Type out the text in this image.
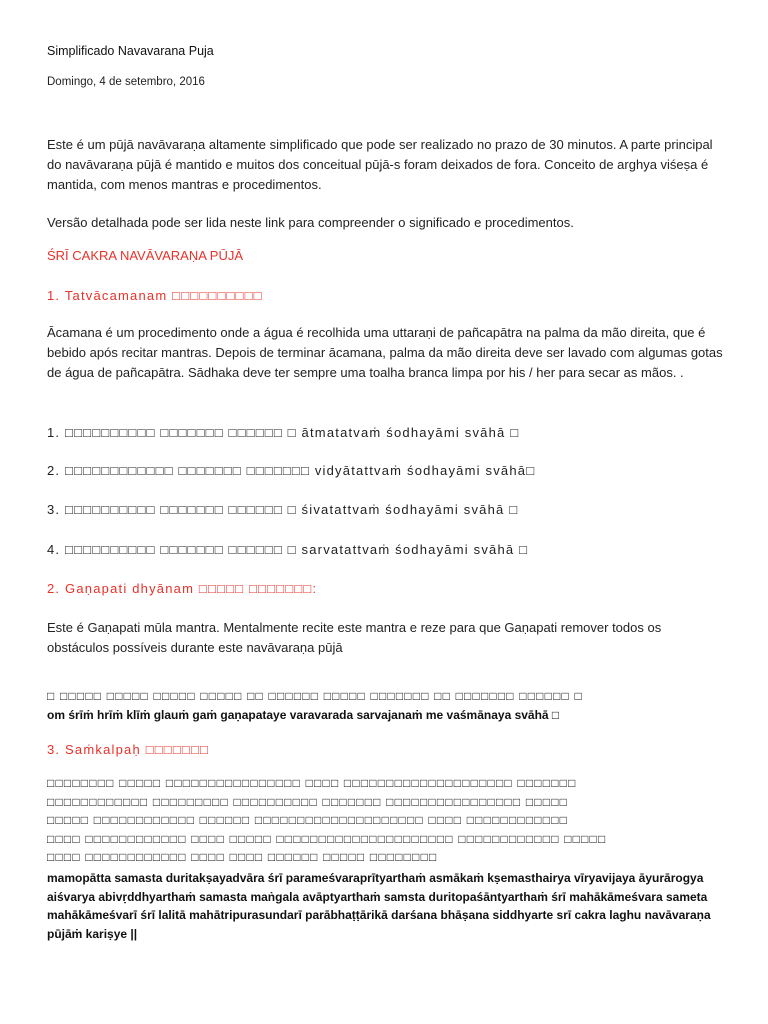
Simplificado Navavarana Puja

Domingo, 4 de setembro, 2016

Este é um pūjā navāvaraṇa altamente simplificado que pode ser realizado no prazo de 30 minutos. A parte principal do navāvaraṇa pūjā é mantido e muitos dos conceitual pūjā-s foram deixados de fora. Conceito de arghya viśeṣa é mantida, com menos mantras e procedimentos.

Versão detalhada pode ser lida neste link para compreender o significado e procedimentos.

ŚRĪ CAKRA NAVĀVARAṆA PŪJĀ

1. Tatvācamanam □□□□□□□□□□

Ācamana é um procedimento onde a água é recolhida uma uttaraṇi de pañcapātra na palma da mão direita, que é bebido após recitar mantras. Depois de terminar ācamana, palma da mão direita deve ser lavado com algumas gotas de água de pañcapātra. Sādhaka deve ter sempre uma toalha branca limpa por his / her para secar as mãos. .

1. □□□□□□□□□□ □□□□□□□ □□□□□□ □ ātmatatvaṁ śodhayāmi svāhā □

2. □□□□□□□□□□□□ □□□□□□□ □□□□□□□ vidyātattvaṁ śodhayāmi svāhā□

3. □□□□□□□□□□ □□□□□□□ □□□□□□ □ śivatattvaṁ śodhayāmi svāhā □

4. □□□□□□□□□□ □□□□□□□ □□□□□□ □ sarvatattvaṁ śodhayāmi svāhā □

2. Gaṇapati dhyānam □□□□□ □□□□□□□:

Este é Gaṇapati mūla mantra. Mentalmente recite este mantra e reze para que Gaṇapati remover todos os obstáculos possíveis durante este navāvaraṇa pūjā

□ □□□□□ □□□□□ □□□□□ □□□□□ □□ □□□□□□ □□□□□ □□□□□□□ □□ □□□□□□□ □□□□□□ □

om śrīṁ hrīṁ klīṁ glauṁ gaṁ gaṇapataye varavarada sarvajanaṁ me vaśmānaya svāhā □

3. Saṁkalpaḥ □□□□□□□

□□□□□□□□ □□□□□ □□□□□□□□□□□□□□□□ □□□□ □□□□□□□□□□□□□□□□□□□□ □□□□□□□
□□□□□□□□□□□□ □□□□□□□□□ □□□□□□□□□□ □□□□□□□ □□□□□□□□□□□□□□□□ □□□□□
□□□□□ □□□□□□□□□□□□ □□□□□□ □□□□□□□□□□□□□□□□□□□□ □□□□ □□□□□□□□□□□□
□□□□ □□□□□□□□□□□□ □□□□ □□□□□ □□□□□□□□□□□□□□□□□□□□□ □□□□□□□□□□□□ □□□□□
□□□□ □□□□□□□□□□□□ □□□□ □□□□ □□□□□□ □□□□□ □□□□□□□□

mamopātta samasta duritakṣayadvāra śrī parameśvaraprītyarthaṁ asmākaṁ kṣemasthairya vīryavijaya āyurārogya aiśvarya abivṛddhyarthaṁ samasta maṅgala avāptyarthaṁ samsta duritopaśāntyarthaṁ śrī mahākāmeśvara sameta mahākāmeśvarī śrī lalitā mahātripurasundarī parābhaṭṭārikā darśana bhāṣana siddhyarte srī cakra laghu navāvaraṇa pūjāṁ kariṣye ||
